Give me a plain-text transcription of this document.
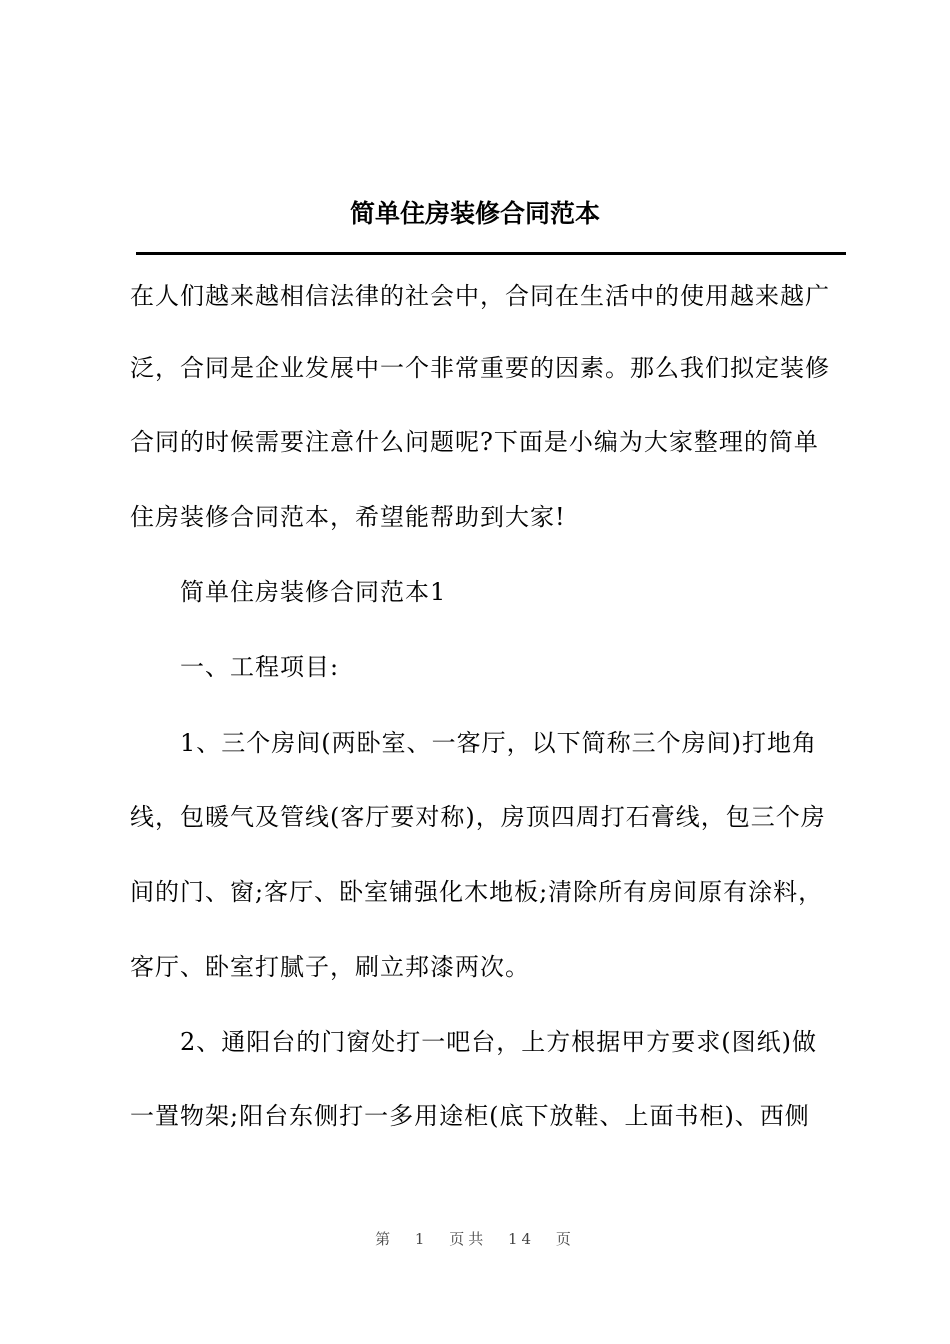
简单住房装修合同范本
在人们越来越相信法律的社会中，合同在生活中的使用越来越广
泛，合同是企业发展中一个非常重要的因素。那么我们拟定装修
合同的时候需要注意什么问题呢?下面是小编为大家整理的简单
住房装修合同范本，希望能帮助到大家!
简单住房装修合同范本1
一、工程项目:
1、三个房间(两卧室、一客厅，以下简称三个房间)打地角
线，包暖气及管线(客厅要对称)，房顶四周打石膏线，包三个房
间的门、窗;客厅、卧室铺强化木地板;清除所有房间原有涂料，
客厅、卧室打腻子，刷立邦漆两次。
2、通阳台的门窗处打一吧台，上方根据甲方要求(图纸)做
一置物架;阳台东侧打一多用途柜(底下放鞋、上面书柜)、西侧
第 1 页共 14 页
